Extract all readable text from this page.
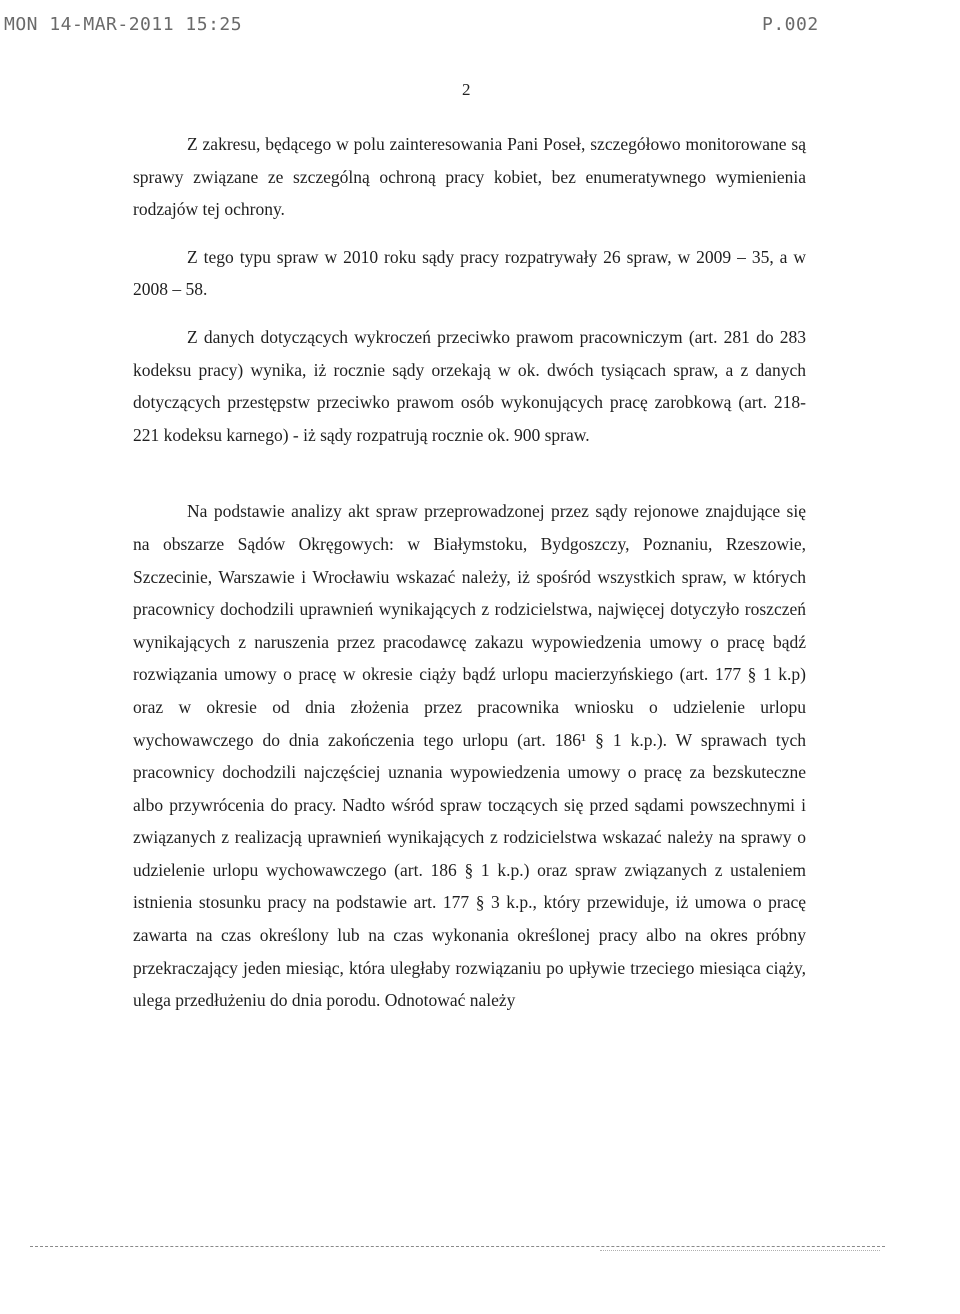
MON 14-MAR-2011 15:25	P.002
2

Z zakresu, będącego w polu zainteresowania Pani Poseł, szczegółowo monitorowane są sprawy związane ze szczególną ochroną pracy kobiet, bez enumeratywnego wymienienia rodzajów tej ochrony.

Z tego typu spraw w 2010 roku sądy pracy rozpatrywały 26 spraw, w 2009 – 35, a w 2008 – 58.

Z danych dotyczących wykroczeń przeciwko prawom pracowniczym (art. 281 do 283 kodeksu pracy) wynika, iż rocznie sądy orzekają w ok. dwóch tysiącach spraw, a z danych dotyczących przestępstw przeciwko prawom osób wykonujących pracę zarobkową (art. 218-221 kodeksu karnego) - iż sądy rozpatrują rocznie ok. 900 spraw.

Na podstawie analizy akt spraw przeprowadzonej przez sądy rejonowe znajdujące się na obszarze Sądów Okręgowych: w Białymstoku, Bydgoszczy, Poznaniu, Rzeszowie, Szczecinie, Warszawie i Wrocławiu wskazać należy, iż spośród wszystkich spraw, w których pracownicy dochodzili uprawnień wynikających z rodzicielstwa, najwięcej dotyczyło roszczeń wynikających z naruszenia przez pracodawcę zakazu wypowiedzenia umowy o pracę bądź rozwiązania umowy o pracę w okresie ciąży bądź urlopu macierzyńskiego (art. 177 § 1 k.p) oraz w okresie od dnia złożenia przez pracownika wniosku o udzielenie urlopu wychowawczego do dnia zakończenia tego urlopu (art. 186¹ § 1 k.p.). W sprawach tych pracownicy dochodzili najczęściej uznania wypowiedzenia umowy o pracę za bezskuteczne albo przywrócenia do pracy. Nadto wśród spraw toczących się przed sądami powszechnymi i związanych z realizacją uprawnień wynikających z rodzicielstwa wskazać należy na sprawy o udzielenie urlopu wychowawczego (art. 186 § 1 k.p.) oraz spraw związanych z ustaleniem istnienia stosunku pracy na podstawie art. 177 § 3 k.p., który przewiduje, iż umowa o pracę zawarta na czas określony lub na czas wykonania określonej pracy albo na okres próbny przekraczający jeden miesiąc, która uległaby rozwiązaniu po upływie trzeciego miesiąca ciąży, ulega przedłużeniu do dnia porodu. Odnotować należy
